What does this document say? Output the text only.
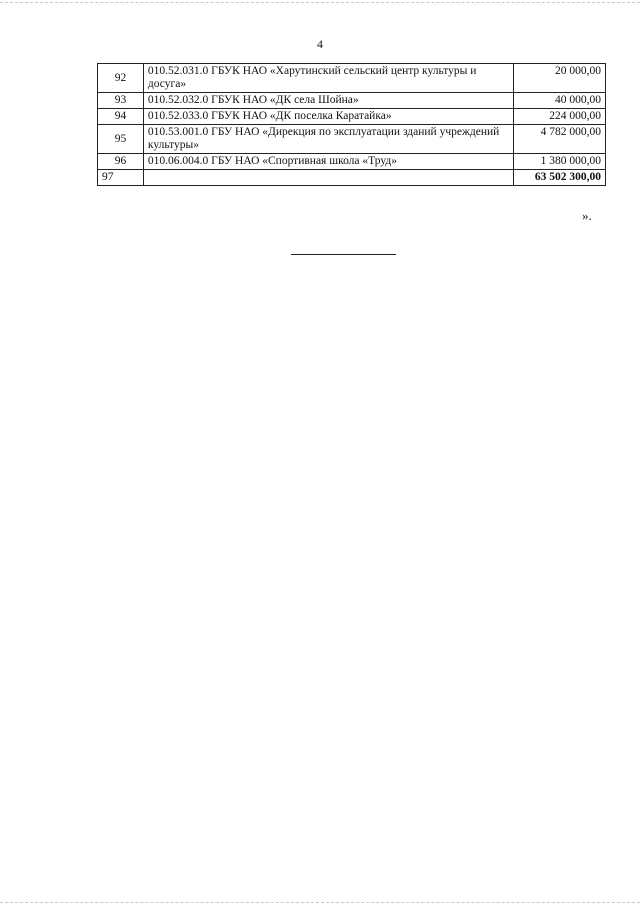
4
92	010.52.031.0 ГБУК НАО «Харутинский сельский центр культуры и досуга»	20 000,00
93	010.52.032.0 ГБУК НАО «ДК села Шойна»	40 000,00
94	010.52.033.0 ГБУК НАО «ДК поселка Каратайка»	224 000,00
95	010.53.001.0 ГБУ НАО «Дирекция по эксплуатации зданий учреждений культуры»	4 782 000,00
96	010.06.004.0 ГБУ НАО «Спортивная школа «Труд»	1 380 000,00
97		63 502 300,00
».
